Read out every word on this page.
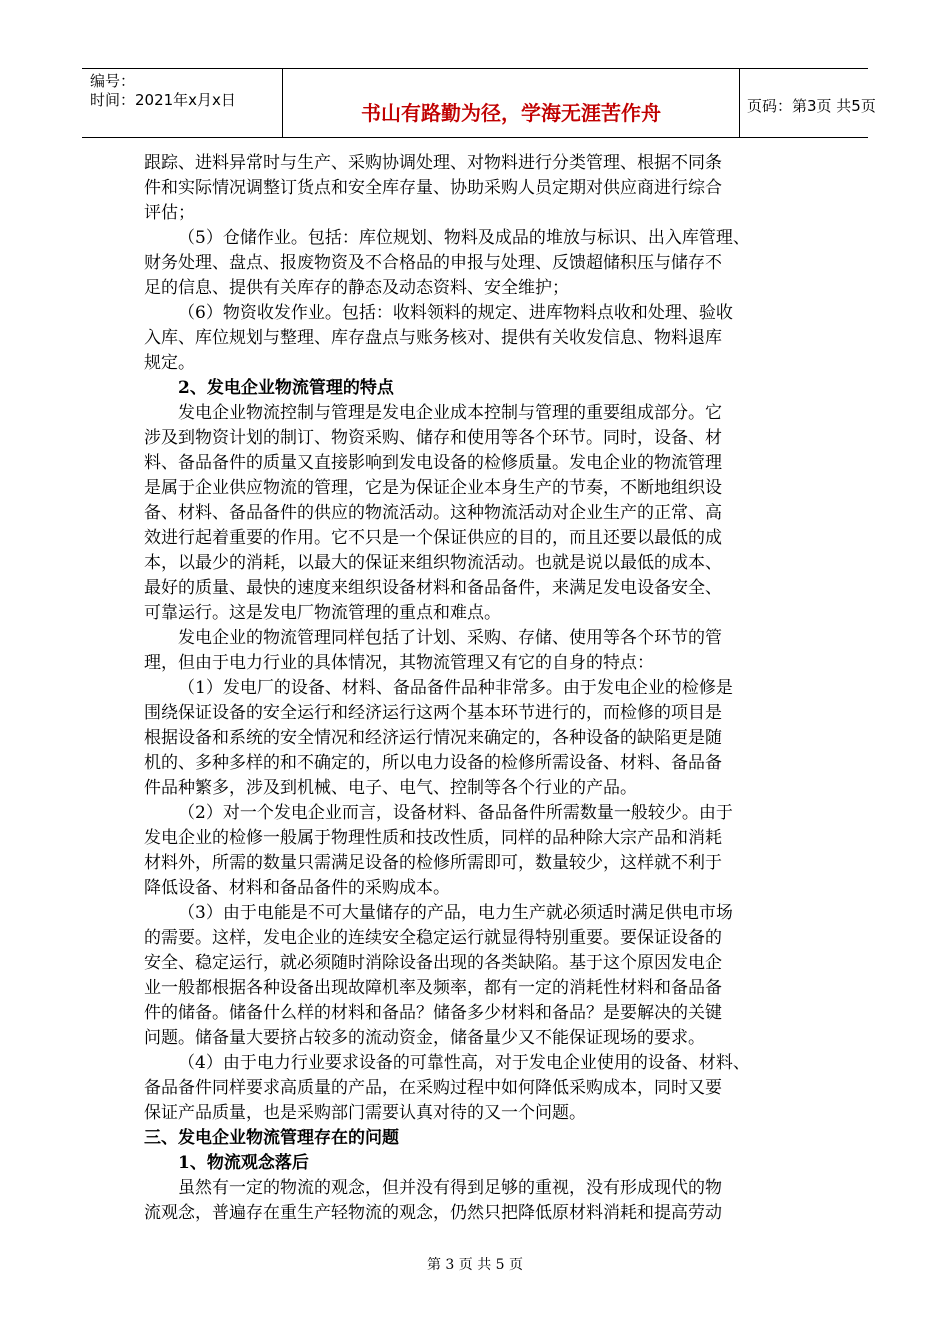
编号：
时间：2021年x月x日
书山有路勤为径，学海无涯苦作舟	页码：第3页 共5页

跟踪、进料异常时与生产、采购协调处理、对物料进行分类管理、根据不同条

件和实际情况调整订货点和安全库存量、协助采购人员定期对供应商进行综合

评估；

（5）仓储作业。包括：库位规划、物料及成品的堆放与标识、出入库管理、

财务处理、盘点、报废物资及不合格品的申报与处理、反馈超储积压与储存不

足的信息、提供有关库存的静态及动态资料、安全维护；

（6）物资收发作业。包括：收料领料的规定、进库物料点收和处理、验收

入库、库位规划与整理、库存盘点与账务核对、提供有关收发信息、物料退库

规定。

2、发电企业物流管理的特点

发电企业物流控制与管理是发电企业成本控制与管理的重要组成部分。它

涉及到物资计划的制订、物资采购、储存和使用等各个环节。同时，设备、材

料、备品备件的质量又直接影响到发电设备的检修质量。发电企业的物流管理

是属于企业供应物流的管理，它是为保证企业本身生产的节奏，不断地组织设

备、材料、备品备件的供应的物流活动。这种物流活动对企业生产的正常、高

效进行起着重要的作用。它不只是一个保证供应的目的，而且还要以最低的成

本，以最少的消耗，以最大的保证来组织物流活动。也就是说以最低的成本、

最好的质量、最快的速度来组织设备材料和备品备件，来满足发电设备安全、

可靠运行。这是发电厂物流管理的重点和难点。

发电企业的物流管理同样包括了计划、采购、存储、使用等各个环节的管

理，但由于电力行业的具体情况，其物流管理又有它的自身的特点：

（1）发电厂的设备、材料、备品备件品种非常多。由于发电企业的检修是

围绕保证设备的安全运行和经济运行这两个基本环节进行的，而检修的项目是

根据设备和系统的安全情况和经济运行情况来确定的，各种设备的缺陷更是随

机的、多种多样的和不确定的，所以电力设备的检修所需设备、材料、备品备

件品种繁多，涉及到机械、电子、电气、控制等各个行业的产品。

（2）对一个发电企业而言，设备材料、备品备件所需数量一般较少。由于

发电企业的检修一般属于物理性质和技改性质，同样的品种除大宗产品和消耗

材料外，所需的数量只需满足设备的检修所需即可，数量较少，这样就不利于

降低设备、材料和备品备件的采购成本。

（3）由于电能是不可大量储存的产品，电力生产就必须适时满足供电市场

的需要。这样，发电企业的连续安全稳定运行就显得特别重要。要保证设备的

安全、稳定运行，就必须随时消除设备出现的各类缺陷。基于这个原因发电企

业一般都根据各种设备出现故障机率及频率，都有一定的消耗性材料和备品备

件的储备。储备什么样的材料和备品？储备多少材料和备品？是要解决的关键

问题。储备量大要挤占较多的流动资金，储备量少又不能保证现场的要求。

（4）由于电力行业要求设备的可靠性高，对于发电企业使用的设备、材料、

备品备件同样要求高质量的产品，在采购过程中如何降低采购成本，同时又要

保证产品质量，也是采购部门需要认真对待的又一个问题。

三、发电企业物流管理存在的问题

1、物流观念落后

虽然有一定的物流的观念，但并没有得到足够的重视，没有形成现代的物

流观念，普遍存在重生产轻物流的观念，仍然只把降低原材料消耗和提高劳动

第 3 页 共 5 页
